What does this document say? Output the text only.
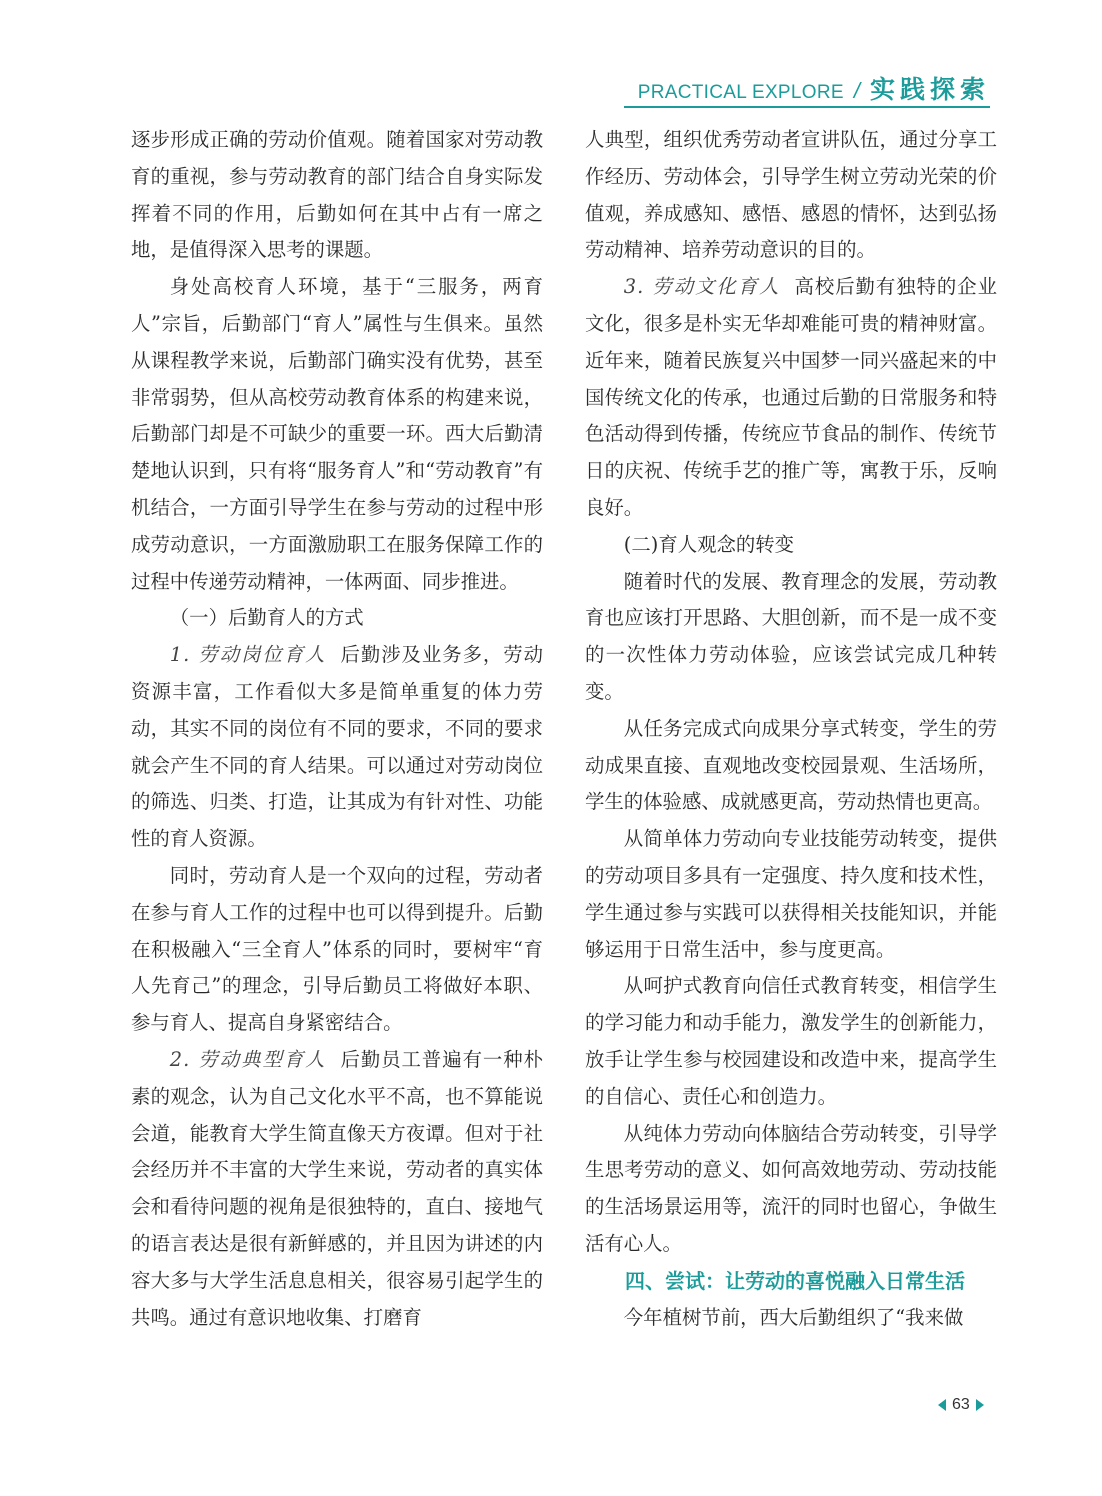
PRACTICAL EXPLORE / 实践探索

逐步形成正确的劳动价值观。随着国家对劳动教育的重视，参与劳动教育的部门结合自身实际发挥着不同的作用，后勤如何在其中占有一席之地，是值得深入思考的课题。

身处高校育人环境，基于“三服务，两育人”宗旨，后勤部门“育人”属性与生俱来。虽然从课程教学来说，后勤部门确实没有优势，甚至非常弱势，但从高校劳动教育体系的构建来说，后勤部门却是不可缺少的重要一环。西大后勤清楚地认识到，只有将“服务育人”和“劳动教育”有机结合，一方面引导学生在参与劳动的过程中形成劳动意识，一方面激励职工在服务保障工作的过程中传递劳动精神，一体两面、同步推进。

（一）后勤育人的方式

1. 劳动岗位育人 后勤涉及业务多，劳动资源丰富，工作看似大多是简单重复的体力劳动，其实不同的岗位有不同的要求，不同的要求就会产生不同的育人结果。可以通过对劳动岗位的筛选、归类、打造，让其成为有针对性、功能性的育人资源。

同时，劳动育人是一个双向的过程，劳动者在参与育人工作的过程中也可以得到提升。后勤在积极融入“三全育人”体系的同时，要树牢“育人先育己”的理念，引导后勤员工将做好本职、参与育人、提高自身紧密结合。

2. 劳动典型育人 后勤员工普遍有一种朴素的观念，认为自己文化水平不高，也不算能说会道，能教育大学生简直像天方夜谭。但对于社会经历并不丰富的大学生来说，劳动者的真实体会和看待问题的视角是很独特的，直白、接地气的语言表达是很有新鲜感的，并且因为讲述的内容大多与大学生活息息相关，很容易引起学生的共鸣。通过有意识地收集、打磨育

人典型，组织优秀劳动者宣讲队伍，通过分享工作经历、劳动体会，引导学生树立劳动光荣的价值观，养成感知、感悟、感恩的情怀，达到弘扬劳动精神、培养劳动意识的目的。

3. 劳动文化育人 高校后勤有独特的企业文化，很多是朴实无华却难能可贵的精神财富。近年来，随着民族复兴中国梦一同兴盛起来的中国传统文化的传承，也通过后勤的日常服务和特色活动得到传播，传统应节食品的制作、传统节日的庆祝、传统手艺的推广等，寓教于乐，反响良好。

(二)育人观念的转变

随着时代的发展、教育理念的发展，劳动教育也应该打开思路、大胆创新，而不是一成不变的一次性体力劳动体验，应该尝试完成几种转变。

从任务完成式向成果分享式转变，学生的劳动成果直接、直观地改变校园景观、生活场所，学生的体验感、成就感更高，劳动热情也更高。

从简单体力劳动向专业技能劳动转变，提供的劳动项目多具有一定强度、持久度和技术性，学生通过参与实践可以获得相关技能知识，并能够运用于日常生活中，参与度更高。

从呵护式教育向信任式教育转变，相信学生的学习能力和动手能力，激发学生的创新能力，放手让学生参与校园建设和改造中来，提高学生的自信心、责任心和创造力。

从纯体力劳动向体脑结合劳动转变，引导学生思考劳动的意义、如何高效地劳动、劳动技能的生活场景运用等，流汗的同时也留心，争做生活有心人。

四、尝试：让劳动的喜悦融入日常生活

今年植树节前，西大后勤组织了“我来做

63
